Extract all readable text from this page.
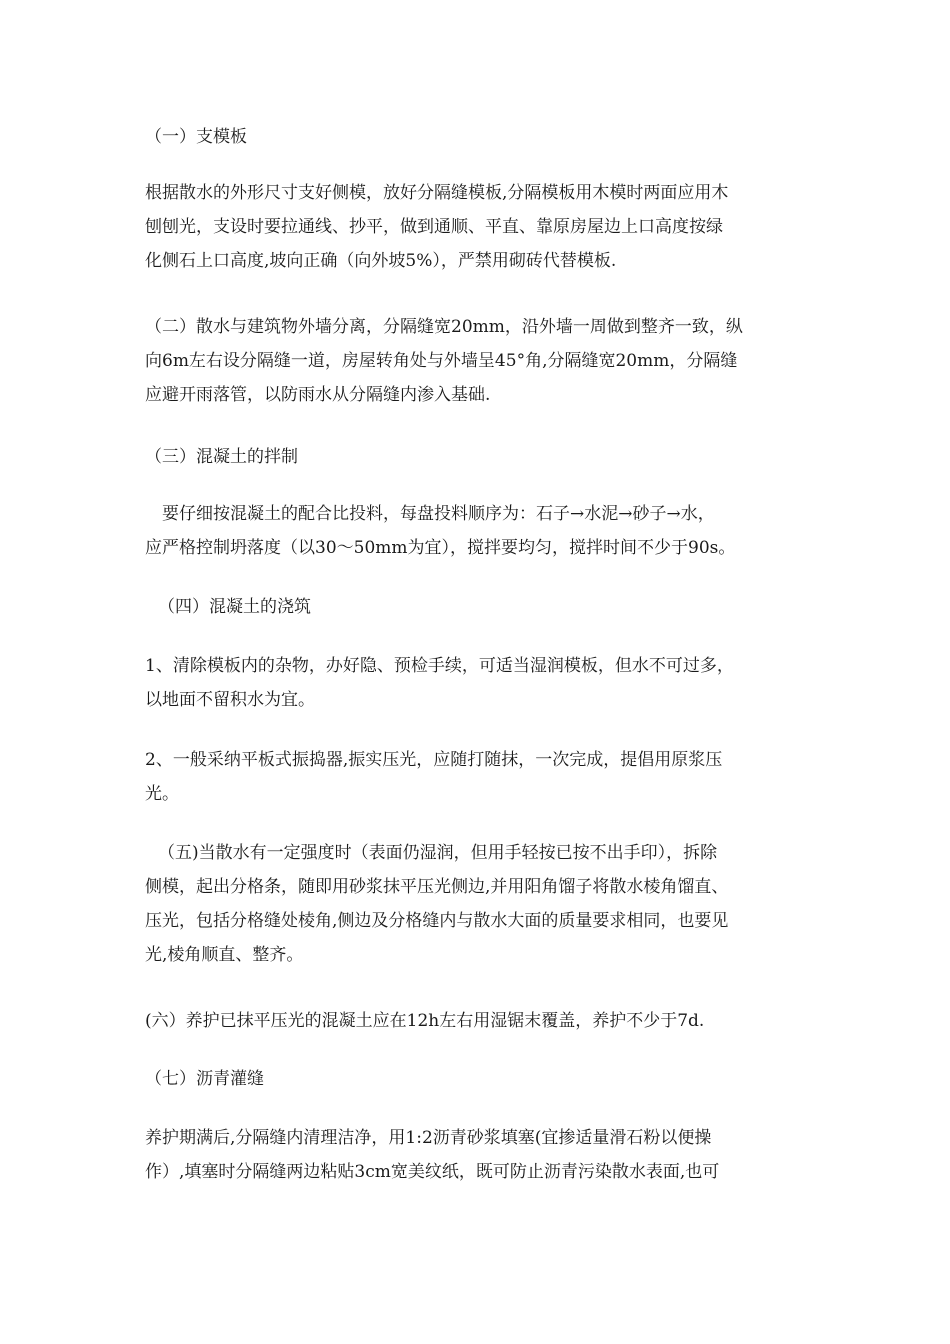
（一）支模板

根据散水的外形尺寸支好侧模，放好分隔缝模板,分隔模板用木模时两面应用木
刨刨光，支设时要拉通线、抄平，做到通顺、平直、靠原房屋边上口高度按绿
化侧石上口高度,坡向正确（向外坡5%），严禁用砌砖代替模板.

（二）散水与建筑物外墙分离，分隔缝宽20mm，沿外墙一周做到整齐一致，纵
向6m左右设分隔缝一道，房屋转角处与外墙呈45°角,分隔缝宽20mm，分隔缝
应避开雨落管，以防雨水从分隔缝内渗入基础.

（三）混凝土的拌制

　要仔细按混凝土的配合比投料，每盘投料顺序为：石子→水泥→砂子→水，
应严格控制坍落度（以30～50mm为宜），搅拌要均匀，搅拌时间不少于90s。

（四）混凝土的浇筑

1、清除模板内的杂物，办好隐、预检手续，可适当湿润模板，但水不可过多，
以地面不留积水为宜。

2、一般采纳平板式振捣器,振实压光，应随打随抹，一次完成，提倡用原浆压
光。

（五)当散水有一定强度时（表面仍湿润，但用手轻按已按不出手印），拆除
侧模，起出分格条，随即用砂浆抹平压光侧边,并用阳角馏子将散水棱角馏直、
压光，包括分格缝处棱角,侧边及分格缝内与散水大面的质量要求相同，也要见
光,棱角顺直、整齐。

(六）养护已抹平压光的混凝土应在12h左右用湿锯末覆盖，养护不少于7d.

（七）沥青灌缝

养护期满后,分隔缝内清理洁净，用1:2沥青砂浆填塞(宜掺适量滑石粉以便操
作）,填塞时分隔缝两边粘贴3cm宽美纹纸，既可防止沥青污染散水表面,也可
